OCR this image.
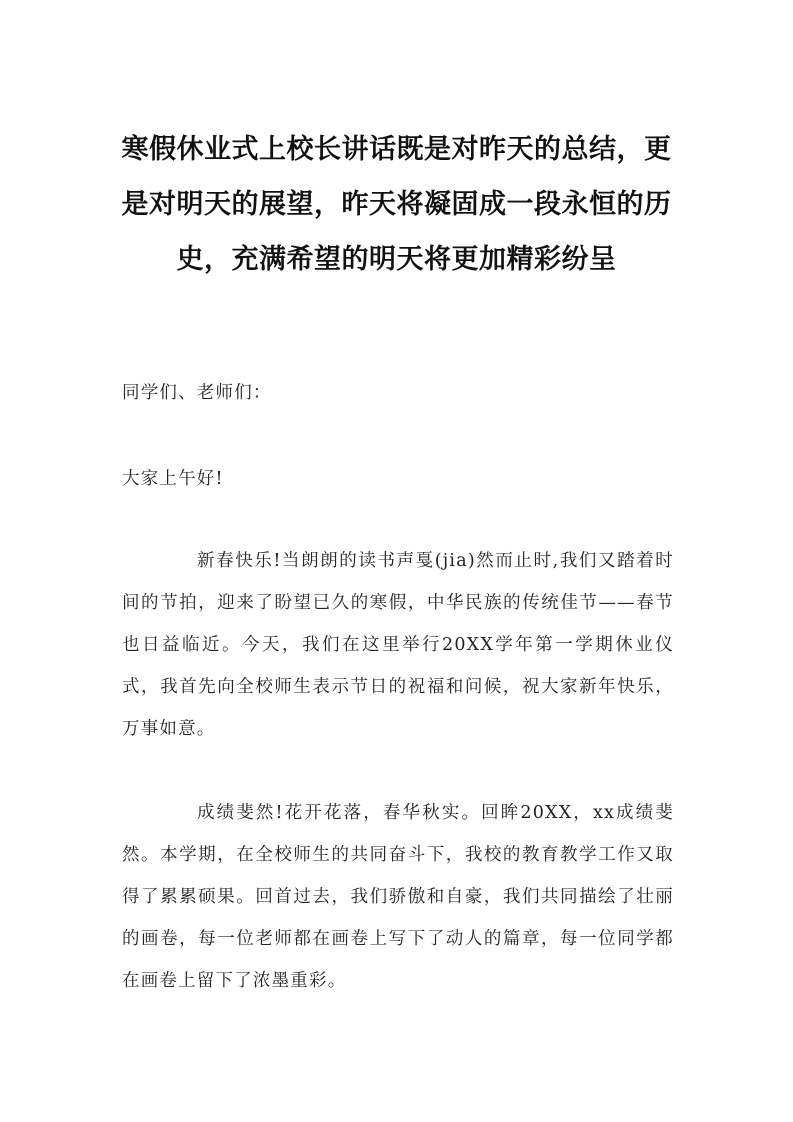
寒假休业式上校长讲话既是对昨天的总结，更是对明天的展望，昨天将凝固成一段永恒的历史，充满希望的明天将更加精彩纷呈

同学们、老师们：

大家上午好!

新春快乐!当朗朗的读书声戛(jia)然而止时,我们又踏着时间的节拍，迎来了盼望已久的寒假，中华民族的传统佳节——春节也日益临近。今天，我们在这里举行20XX学年第一学期休业仪式，我首先向全校师生表示节日的祝福和问候，祝大家新年快乐，万事如意。

成绩斐然!花开花落，春华秋实。回眸20XX，xx成绩斐然。本学期，在全校师生的共同奋斗下，我校的教育教学工作又取得了累累硕果。回首过去，我们骄傲和自豪，我们共同描绘了壮丽的画卷，每一位老师都在画卷上写下了动人的篇章，每一位同学都在画卷上留下了浓墨重彩。
